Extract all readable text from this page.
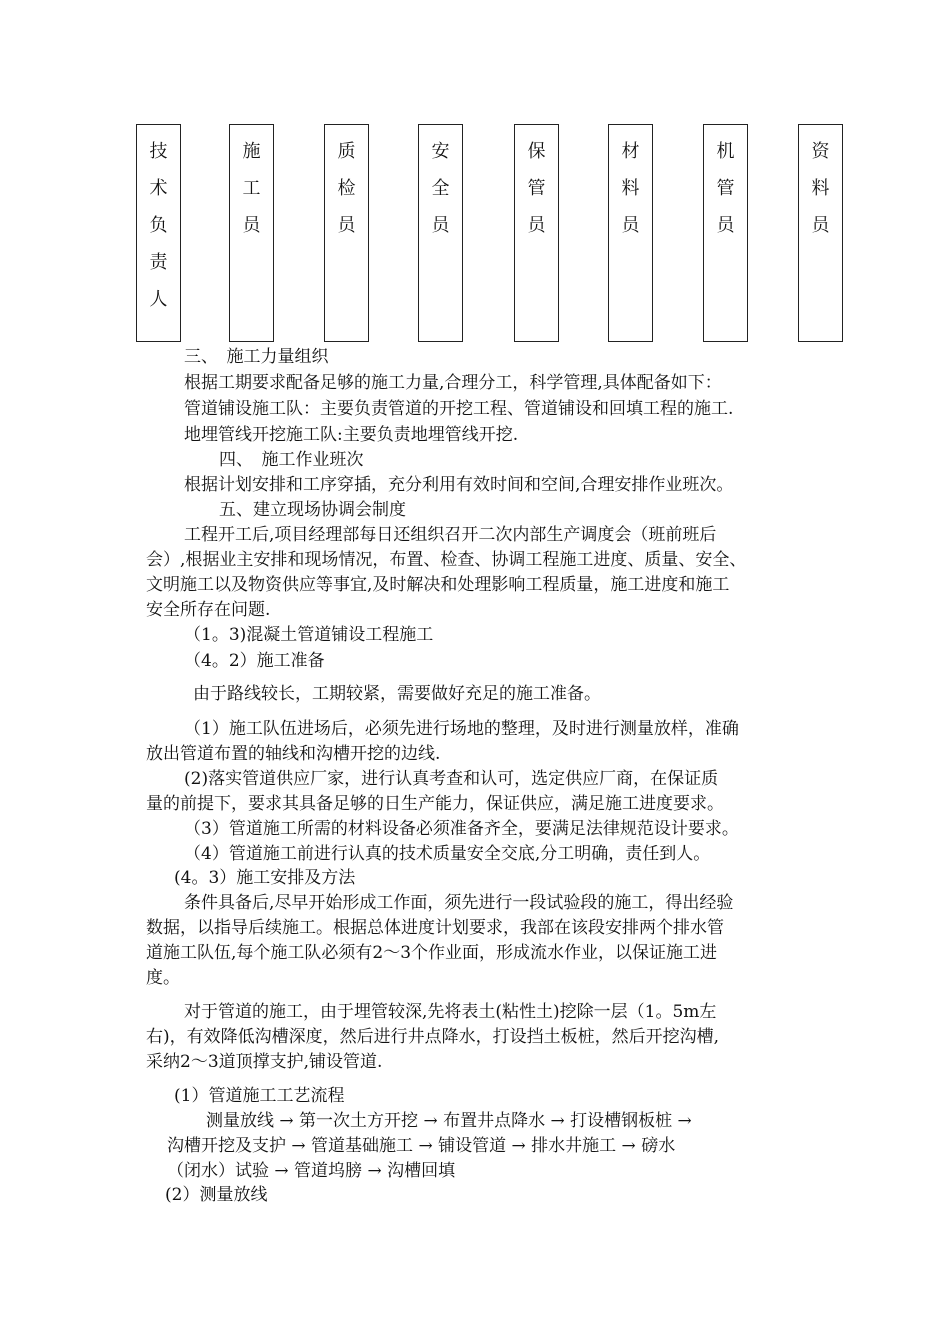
技
术
负
责
人
施
工
员
质
检
员
安
全
员
保
管
员
材
料
员
机
管
员
资
料
员
三、　施工力量组织
根据工期要求配备足够的施工力量,合理分工，科学管理,具体配备如下：
管道铺设施工队：主要负责管道的开挖工程、管道铺设和回填工程的施工.
地埋管线开挖施工队:主要负责地埋管线开挖.
四、　施工作业班次
根据计划安排和工序穿插，充分利用有效时间和空间,合理安排作业班次。
五、建立现场协调会制度
工程开工后,项目经理部每日还组织召开二次内部生产调度会（班前班后
会）,根据业主安排和现场情况，布置、检查、协调工程施工进度、质量、安全、
文明施工以及物资供应等事宜,及时解决和处理影响工程质量，施工进度和施工
安全所存在问题.
（1。3)混凝土管道铺设工程施工
（4。2）施工准备
由于路线较长，工期较紧，需要做好充足的施工准备。
（1）施工队伍进场后，必须先进行场地的整理，及时进行测量放样，准确
放出管道布置的轴线和沟槽开挖的边线.
(2)落实管道供应厂家，进行认真考查和认可，选定供应厂商，在保证质
量的前提下，要求其具备足够的日生产能力，保证供应，满足施工进度要求。
（3）管道施工所需的材料设备必须准备齐全，要满足法律规范设计要求。
（4）管道施工前进行认真的技术质量安全交底,分工明确，责任到人。
(4。3）施工安排及方法
条件具备后,尽早开始形成工作面，须先进行一段试验段的施工，得出经验
数据，以指导后续施工。根据总体进度计划要求，我部在该段安排两个排水管
道施工队伍,每个施工队必须有2～3个作业面，形成流水作业，以保证施工进
度。
对于管道的施工，由于埋管较深,先将表土(粘性土)挖除一层（1。5m左
右)，有效降低沟槽深度，然后进行井点降水，打设挡土板桩，然后开挖沟槽,
采纳2～3道顶撑支护,铺设管道.
(1）管道施工工艺流程
测量放线 → 第一次土方开挖 → 布置井点降水 → 打设槽钢板桩 →
沟槽开挖及支护 → 管道基础施工 → 铺设管道 → 排水井施工 → 磅水
（闭水）试验 → 管道坞膀 → 沟槽回填
(2）测量放线
